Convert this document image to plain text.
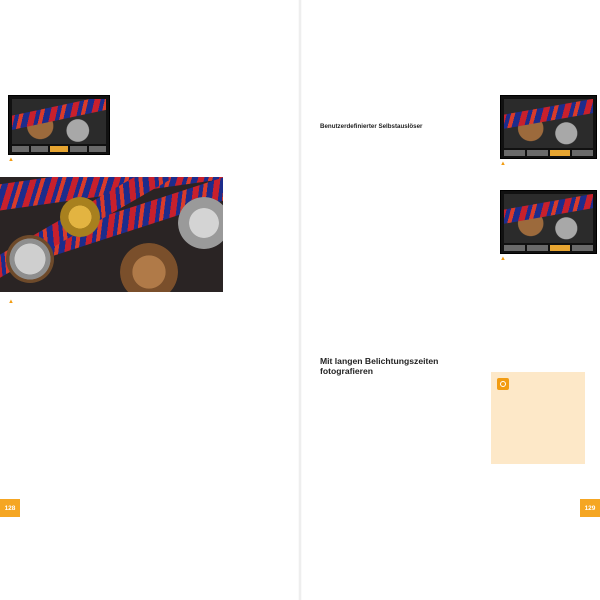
▲

▲

128

Benutzerdefinierter Selbstauslöser

▲
▲
Mit langen Belichtungszeiten fotografieren

129
